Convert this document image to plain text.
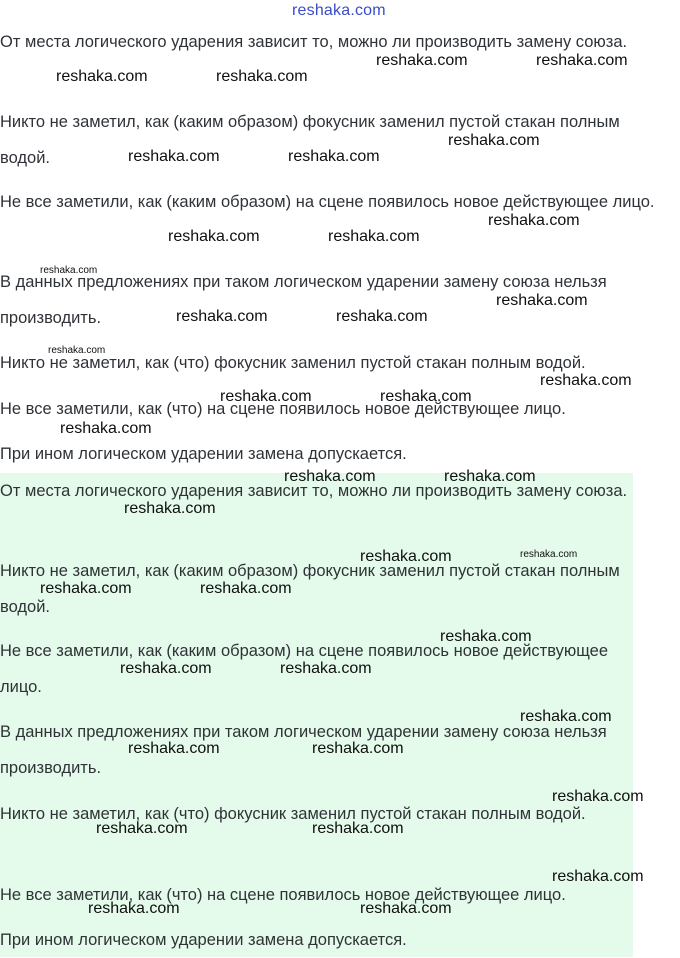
reshaka.com
От места логического ударения зависит то, можно ли производить замену союза.
Никто не заметил, как (каким образом) фокусник заменил пустой стакан полным водой.
Не все заметили, как (каким образом) на сцене появилось новое действующее лицо.
В данных предложениях при таком логическом ударении замену союза нельзя производить.
Никто не заметил, как (что) фокусник заменил пустой стакан полным водой.
Не все заметили, как (что) на сцене появилось новое действующее лицо.
При ином логическом ударении замена допускается.
От места логического ударения зависит то, можно ли производить замену союза.
Никто не заметил, как (каким образом) фокусник заменил пустой стакан полным водой.
Не все заметили, как (каким образом) на сцене появилось новое действующее лицо.
В данных предложениях при таком логическом ударении замену союза нельзя производить.
Никто не заметил, как (что) фокусник заменил пустой стакан полным водой.
Не все заметили, как (что) на сцене появилось новое действующее лицо.
При ином логическом ударении замена допускается.
reshaka.com	reshaka.com
reshaka.com	reshaka.com
reshaka.com
reshaka.com	reshaka.com
reshaka.com
reshaka.com	reshaka.com
reshaka.com
reshaka.com
reshaka.com	reshaka.com
reshaka.com
reshaka.com
reshaka.com	reshaka.com
reshaka.com
reshaka.com	reshaka.com
reshaka.com
reshaka.com	reshaka.com
reshaka.com	reshaka.com
reshaka.com
reshaka.com	reshaka.com
reshaka.com
reshaka.com	reshaka.com
reshaka.com
reshaka.com	reshaka.com
reshaka.com
reshaka.com	reshaka.com
